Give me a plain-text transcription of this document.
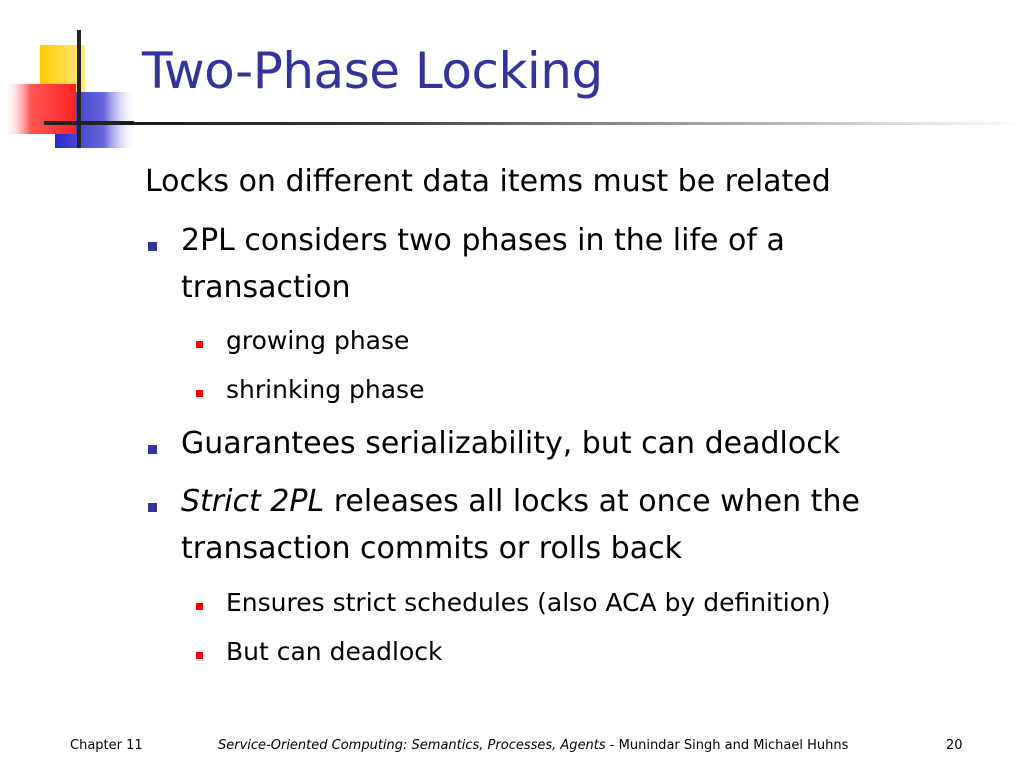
Two-Phase Locking
Locks on different data items must be related
2PL considers two phases in the life of a
transaction
growing phase
shrinking phase
Guarantees serializability, but can deadlock
Strict 2PL releases all locks at once when the
transaction commits or rolls back
Ensures strict schedules (also ACA by definition)
But can deadlock
Chapter 11	Service-Oriented Computing: Semantics, Processes, Agents - Munindar Singh and Michael Huhns	20
